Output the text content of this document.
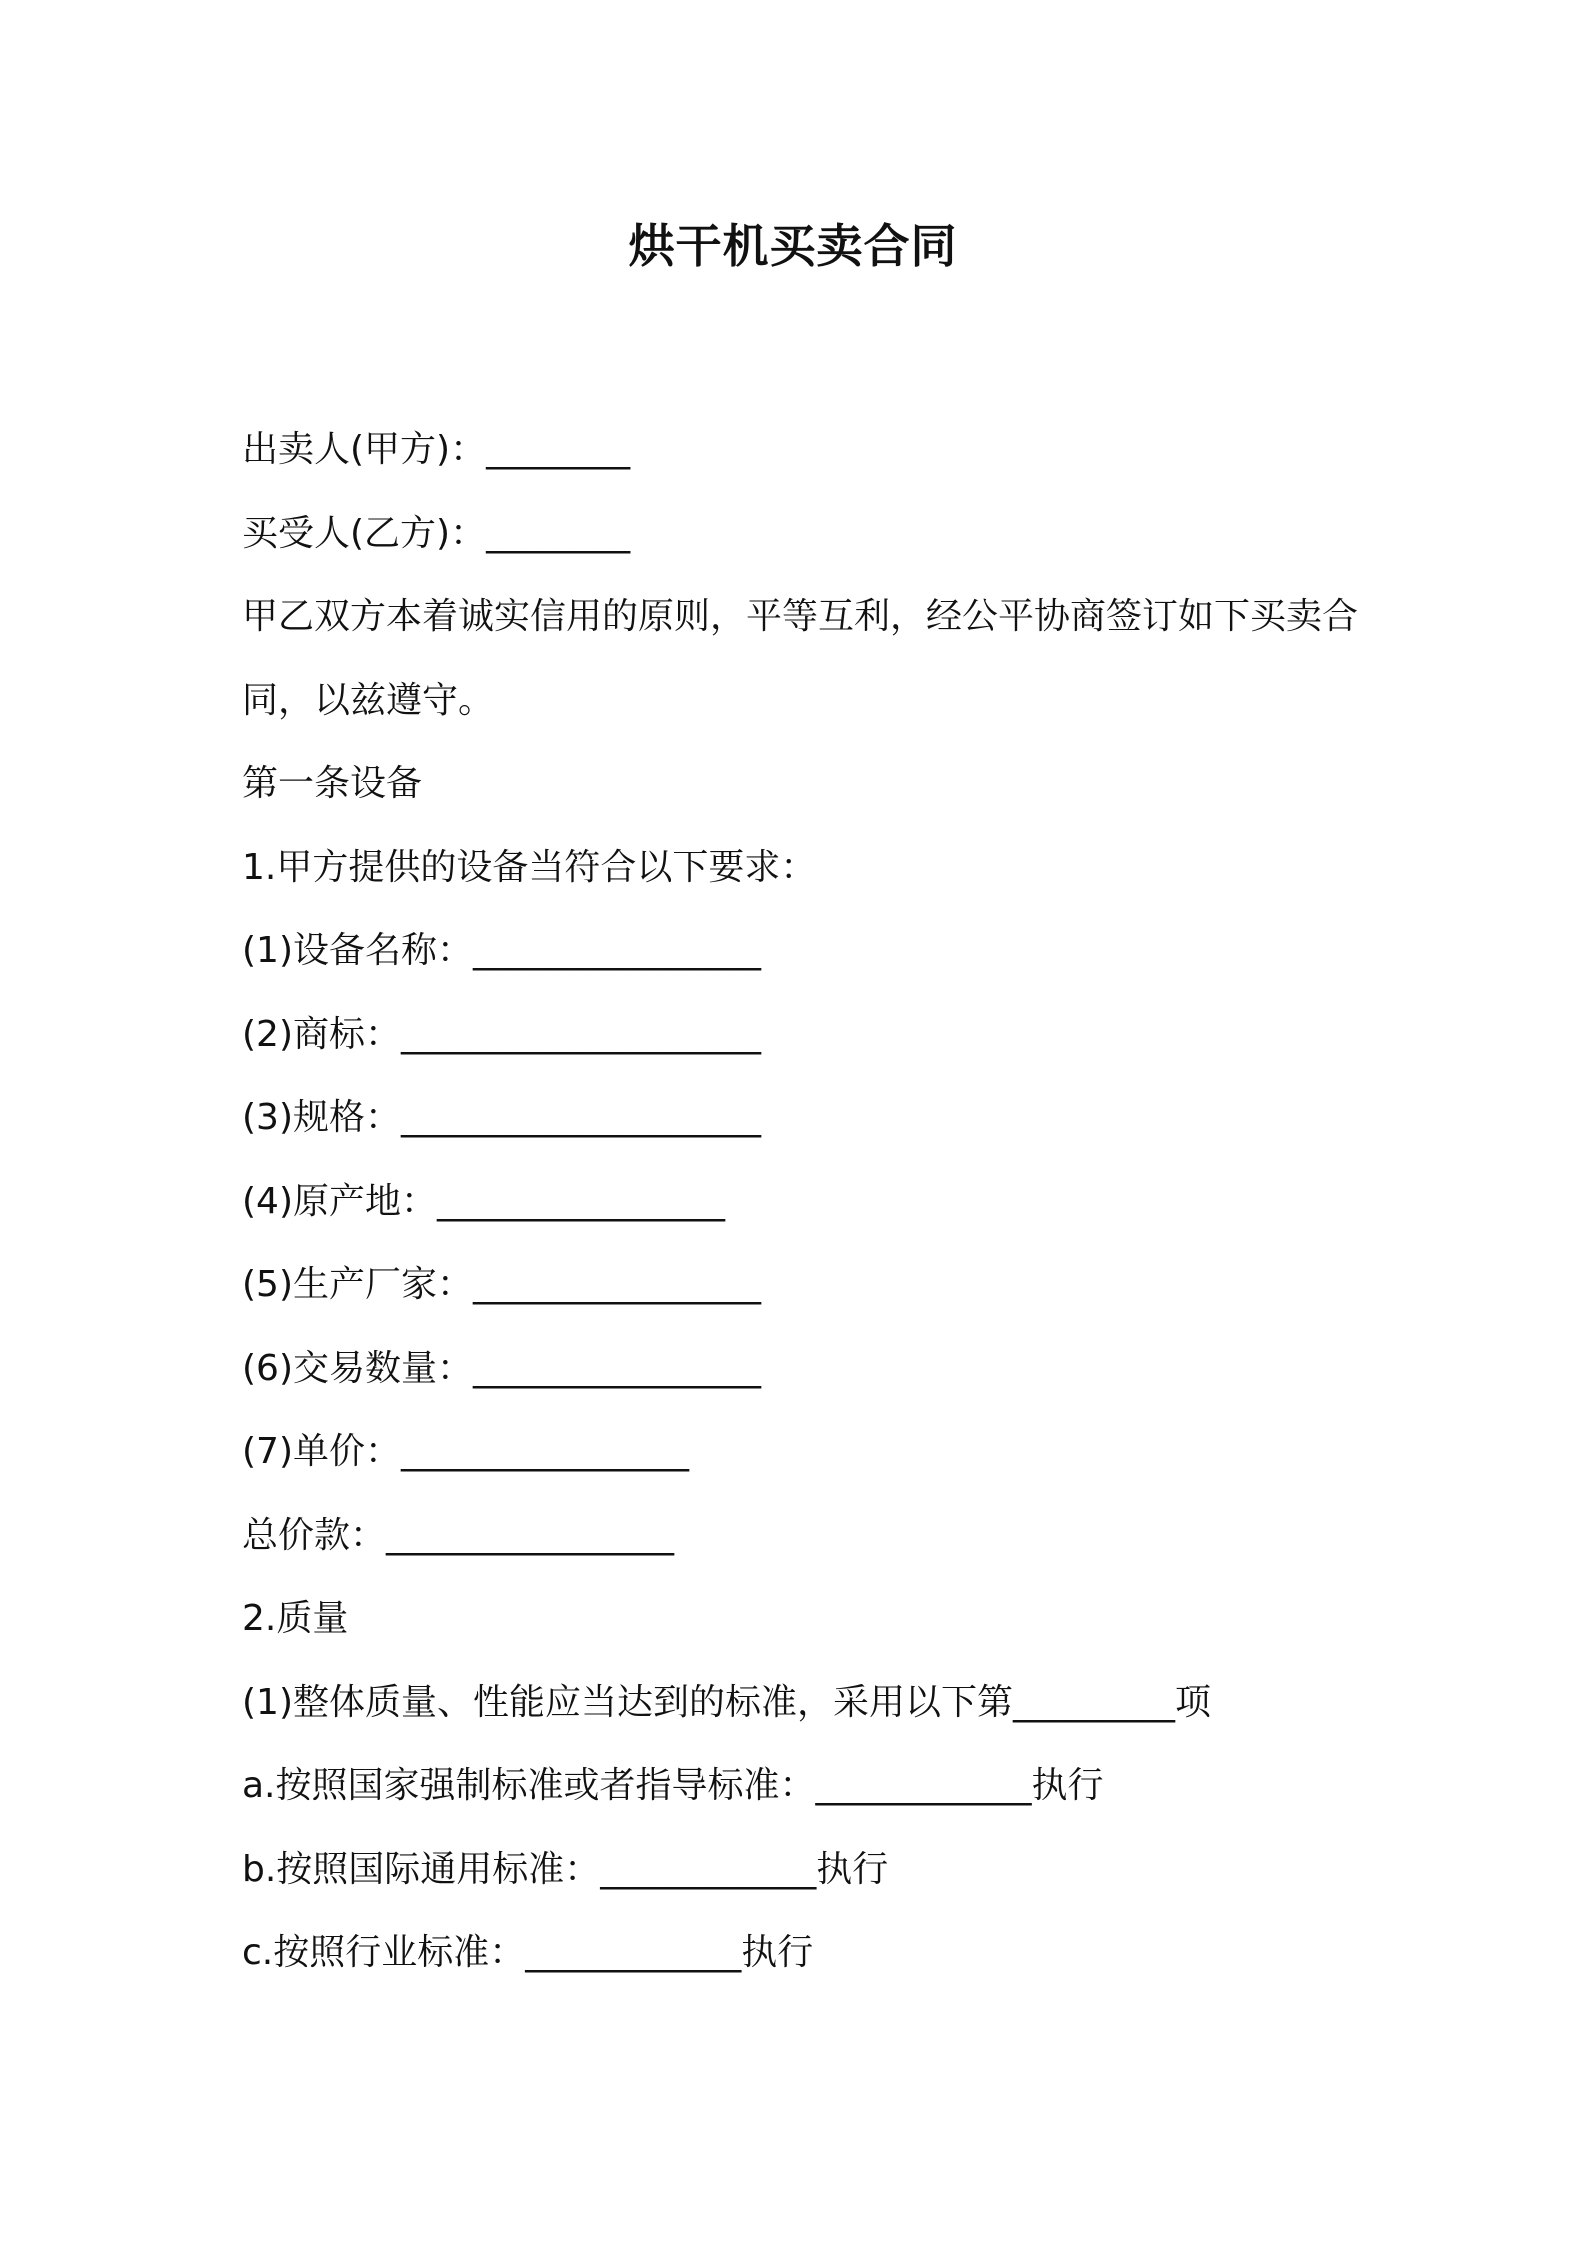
烘干机买卖合同

出卖人(甲方)：________

买受人(乙方)：________

甲乙双方本着诚实信用的原则，平等互利，经公平协商签订如下买卖合同，以兹遵守。

第一条设备

1.甲方提供的设备当符合以下要求：

(1)设备名称：________________

(2)商标：____________________

(3)规格：____________________

(4)原产地：________________

(5)生产厂家：________________

(6)交易数量：________________

(7)单价：________________

总价款：________________

2.质量

(1)整体质量、性能应当达到的标准，采用以下第_________项

a.按照国家强制标准或者指导标准：____________执行

b.按照国际通用标准：____________执行

c.按照行业标准：____________执行
